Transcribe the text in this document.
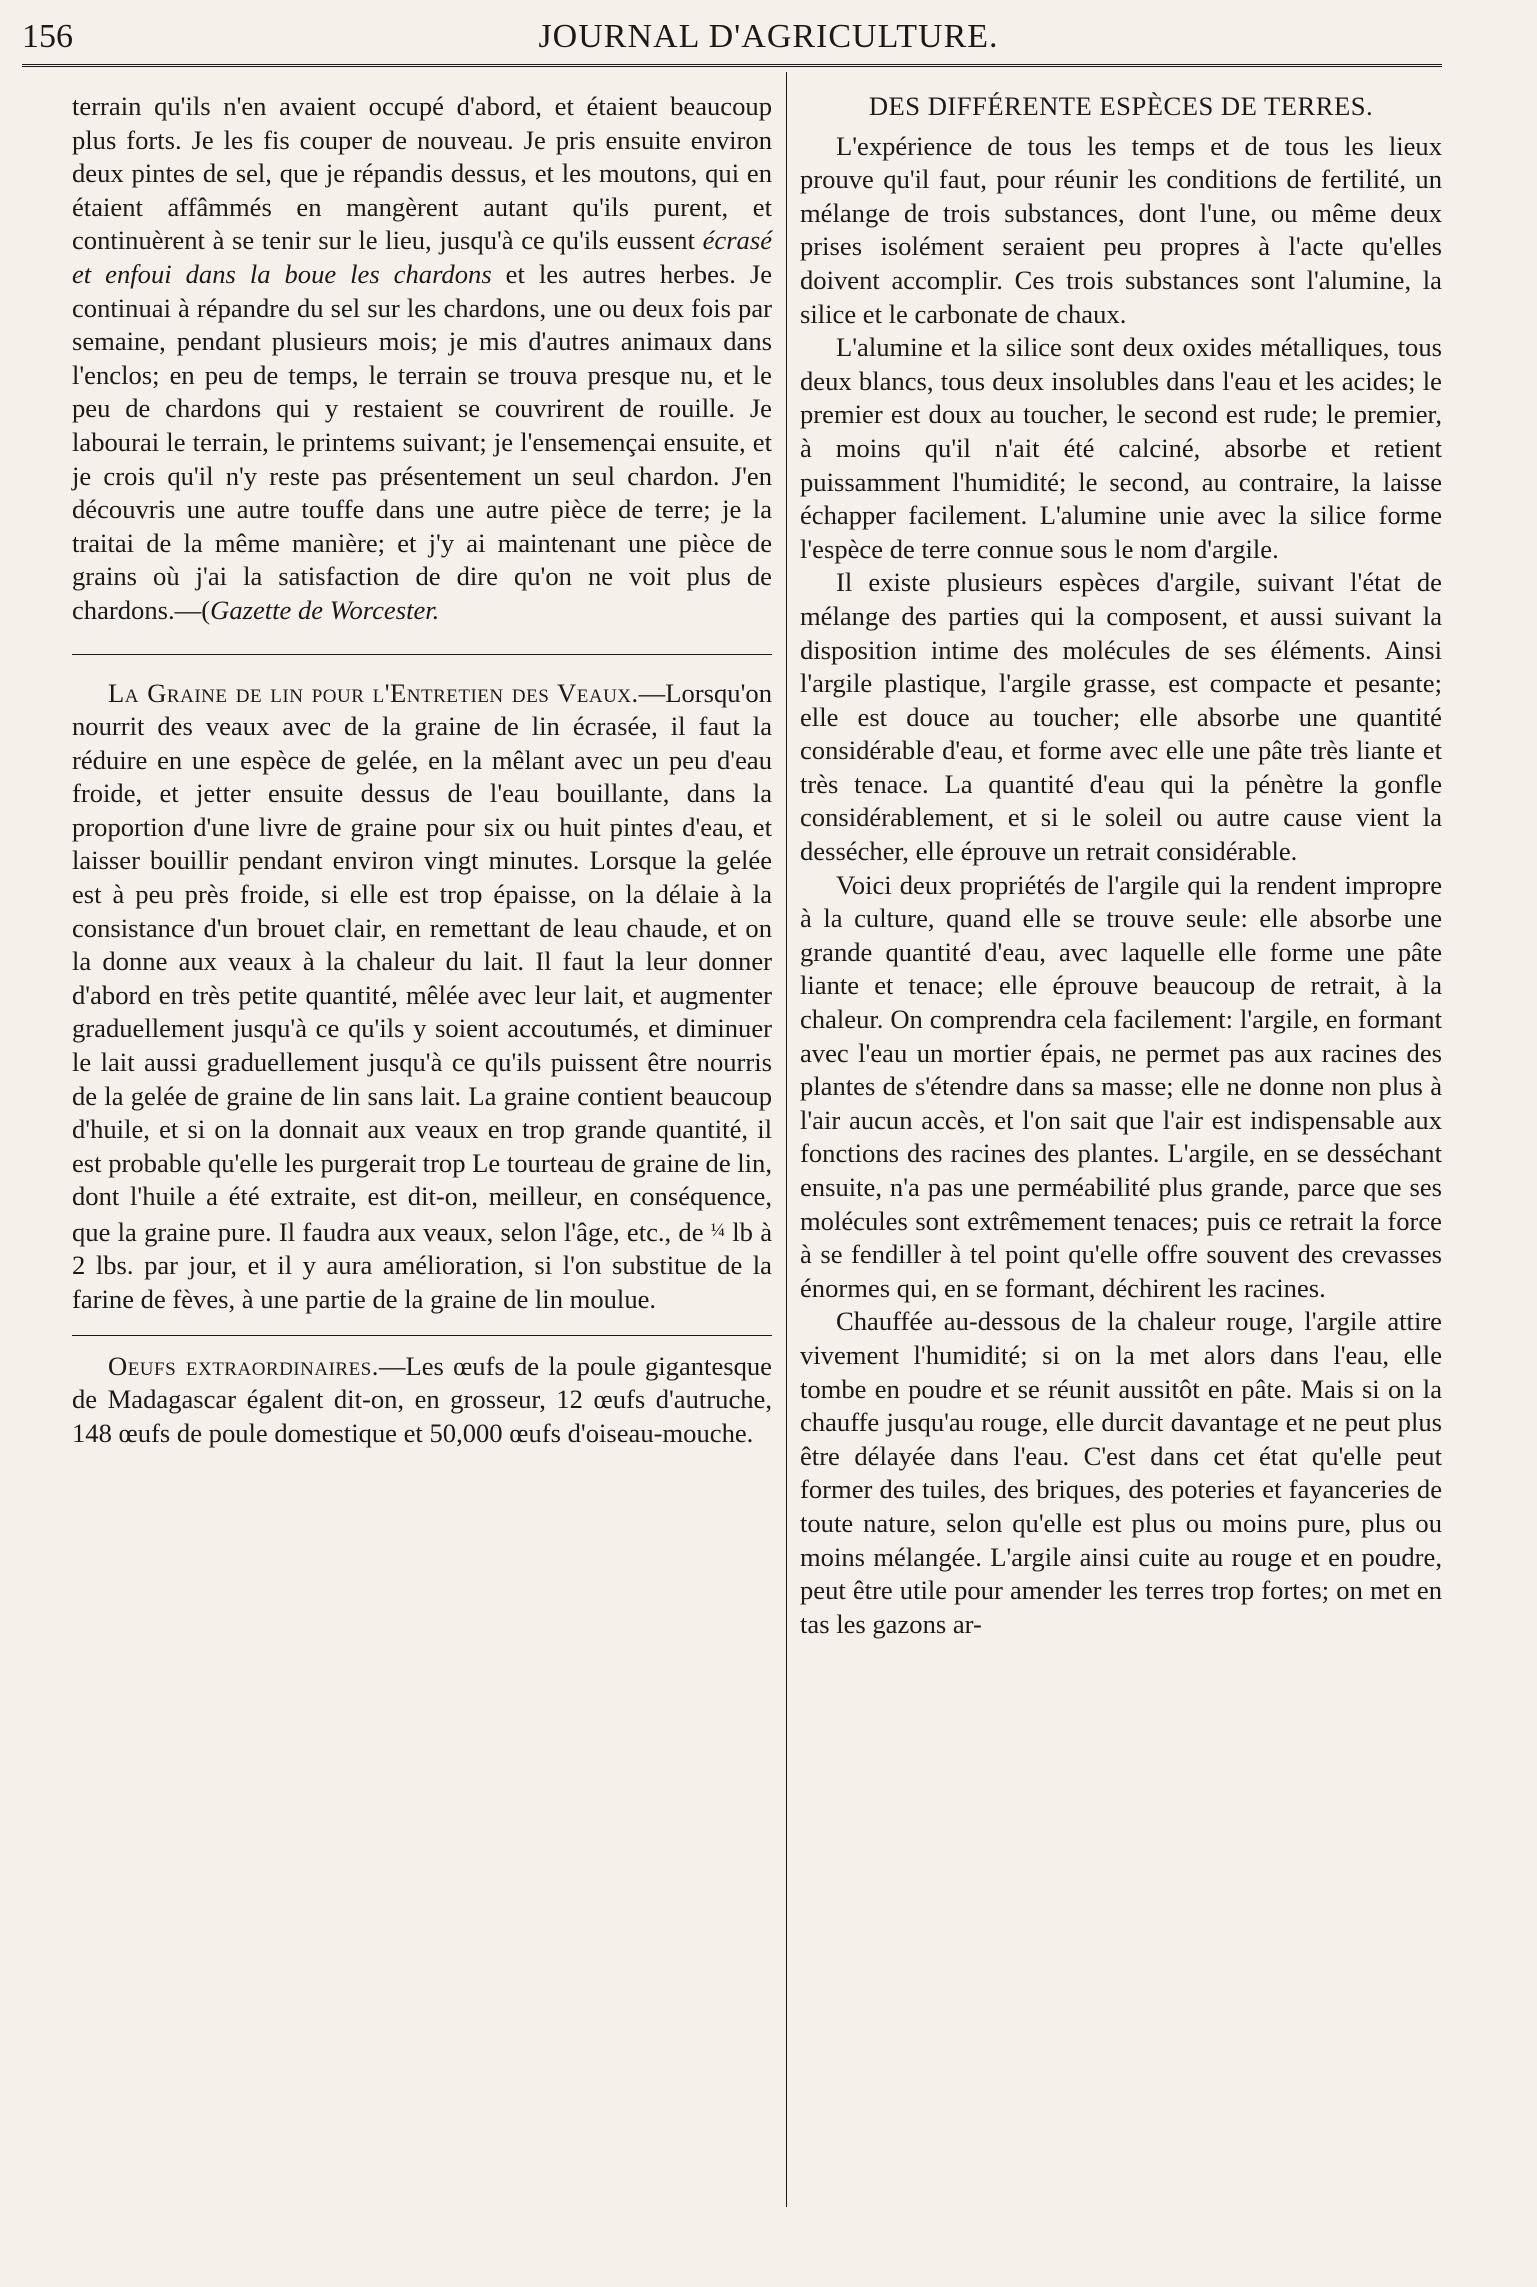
156	JOURNAL D'AGRICULTURE.

terrain qu'ils n'en avaient occupé d'abord, et étaient beaucoup plus forts. Je les fis couper de nouveau. Je pris ensuite environ deux pintes de sel, que je répandis dessus, et les moutons, qui en étaient affâmmés en mangèrent autant qu'ils purent, et continuèrent à se tenir sur le lieu, jusqu'à ce qu'ils eussent écrasé et enfoui dans la boue les chardons et les autres herbes. Je continuai à répandre du sel sur les chardons, une ou deux fois par semaine, pendant plusieurs mois; je mis d'autres animaux dans l'enclos; en peu de temps, le terrain se trouva presque nu, et le peu de chardons qui y restaient se couvrirent de rouille. Je labourai le terrain, le printems suivant; je l'ensemençai ensuite, et je crois qu'il n'y reste pas présentement un seul chardon. J'en découvris une autre touffe dans une autre pièce de terre; je la traitai de la même manière; et j'y ai maintenant une pièce de grains où j'ai la satisfaction de dire qu'on ne voit plus de chardons.—(Gazette de Worcester.

La Graine de lin pour l'Entretien des Veaux.—Lorsqu'on nourrit des veaux avec de la graine de lin écrasée, il faut la réduire en une espèce de gelée, en la mêlant avec un peu d'eau froide, et jetter ensuite dessus de l'eau bouillante, dans la proportion d'une livre de graine pour six ou huit pintes d'eau, et laisser bouillir pendant environ vingt minutes. Lorsque la gelée est à peu près froide, si elle est trop épaisse, on la délaie à la consistance d'un brouet clair, en remettant de leau chaude, et on la donne aux veaux à la chaleur du lait. Il faut la leur donner d'abord en très petite quantité, mêlée avec leur lait, et augmenter graduellement jusqu'à ce qu'ils y soient accoutumés, et diminuer le lait aussi graduellement jusqu'à ce qu'ils puissent être nourris de la gelée de graine de lin sans lait. La graine contient beaucoup d'huile, et si on la donnait aux veaux en trop grande quantité, il est probable qu'elle les purgerait trop Le tourteau de graine de lin, dont l'huile a été extraite, est dit-on, meilleur, en conséquence, que la graine pure. Il faudra aux veaux, selon l'âge, etc., de ¼ lb à 2 lbs. par jour, et il y aura amélioration, si l'on substitue de la farine de fèves, à une partie de la graine de lin moulue.

Oeufs extraordinaires.—Les œufs de la poule gigantesque de Madagascar égalent dit-on, en grosseur, 12 œufs d'autruche, 148 œufs de poule domestique et 50,000 œufs d'oiseau-mouche.

DES DIFFÉRENTE ESPÈCES DE TERRES.

L'expérience de tous les temps et de tous les lieux prouve qu'il faut, pour réunir les conditions de fertilité, un mélange de trois substances, dont l'une, ou même deux prises isolément seraient peu propres à l'acte qu'elles doivent accomplir. Ces trois substances sont l'alumine, la silice et le carbonate de chaux.

L'alumine et la silice sont deux oxides métalliques, tous deux blancs, tous deux insolubles dans l'eau et les acides; le premier est doux au toucher, le second est rude; le premier, à moins qu'il n'ait été calciné, absorbe et retient puissamment l'humidité; le second, au contraire, la laisse échapper facilement. L'alumine unie avec la silice forme l'espèce de terre connue sous le nom d'argile.

Il existe plusieurs espèces d'argile, suivant l'état de mélange des parties qui la composent, et aussi suivant la disposition intime des molécules de ses éléments. Ainsi l'argile plastique, l'argile grasse, est compacte et pesante; elle est douce au toucher; elle absorbe une quantité considérable d'eau, et forme avec elle une pâte très liante et très tenace. La quantité d'eau qui la pénètre la gonfle considérablement, et si le soleil ou autre cause vient la dessécher, elle éprouve un retrait considérable.

Voici deux propriétés de l'argile qui la rendent impropre à la culture, quand elle se trouve seule: elle absorbe une grande quantité d'eau, avec laquelle elle forme une pâte liante et tenace; elle éprouve beaucoup de retrait, à la chaleur. On comprendra cela facilement: l'argile, en formant avec l'eau un mortier épais, ne permet pas aux racines des plantes de s'étendre dans sa masse; elle ne donne non plus à l'air aucun accès, et l'on sait que l'air est indispensable aux fonctions des racines des plantes. L'argile, en se desséchant ensuite, n'a pas une perméabilité plus grande, parce que ses molécules sont extrêmement tenaces; puis ce retrait la force à se fendiller à tel point qu'elle offre souvent des crevasses énormes qui, en se formant, déchirent les racines.

Chauffée au-dessous de la chaleur rouge, l'argile attire vivement l'humidité; si on la met alors dans l'eau, elle tombe en poudre et se réunit aussitôt en pâte. Mais si on la chauffe jusqu'au rouge, elle durcit davantage et ne peut plus être délayée dans l'eau. C'est dans cet état qu'elle peut former des tuiles, des briques, des poteries et fayanceries de toute nature, selon qu'elle est plus ou moins pure, plus ou moins mélangée. L'argile ainsi cuite au rouge et en poudre, peut être utile pour amender les terres trop fortes; on met en tas les gazons ar-
